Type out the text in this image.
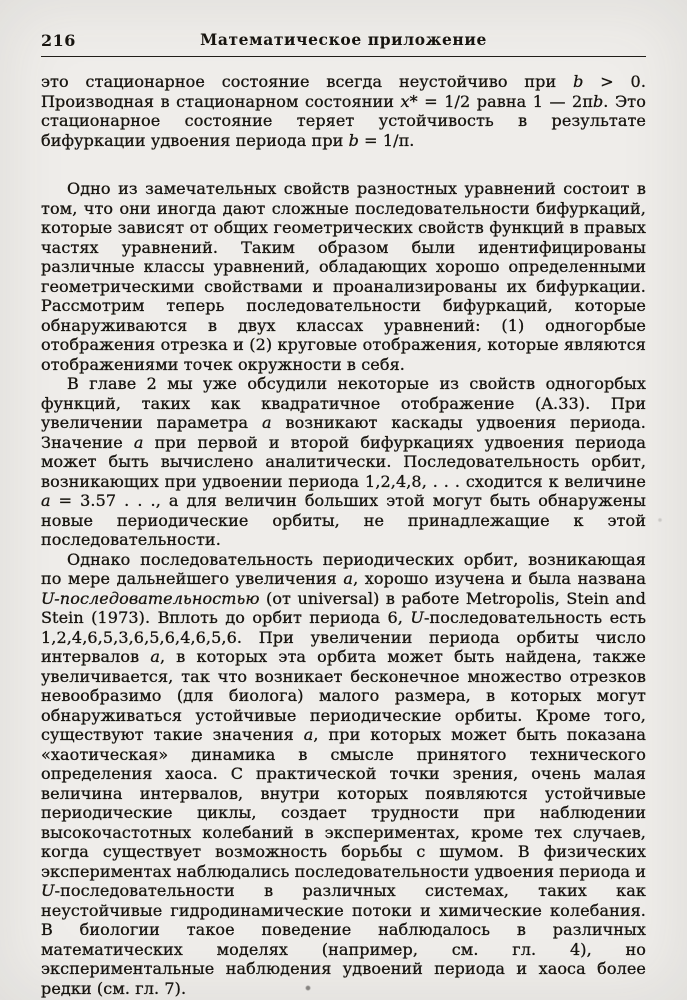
216	Математическое приложение

это стационарное состояние всегда неустойчиво при b > 0. Производная в стационарном состоянии x* = 1/2 равна 1 — 2πb. Это стационарное состояние теряет устойчивость в результате бифуркации удвоения периода при b = 1/π.

Одно из замечательных свойств разностных уравнений состоит в том, что они иногда дают сложные последовательности бифуркаций, которые зависят от общих геометрических свойств функций в правых частях уравнений. Таким образом были идентифицированы различные классы уравнений, обладающих хорошо определенными геометрическими свойствами и проанализированы их бифуркации. Рассмотрим теперь последовательности бифуркаций, которые обнаруживаются в двух классах уравнений: (1) одногорбые отображения отрезка и (2) круговые отображения, которые являются отображениями точек окружности в себя.

В главе 2 мы уже обсудили некоторые из свойств одногорбых функций, таких как квадратичное отображение (A.33). При увеличении параметра a возникают каскады удвоения периода. Значение a при первой и второй бифуркациях удвоения периода может быть вычислено аналитически. Последовательность орбит, возникающих при удвоении периода 1,2,4,8, . . . сходится к величине a = 3.57 . . ., а для величин больших этой могут быть обнаружены новые периодические орбиты, не принадлежащие к этой последовательности.

Однако последовательность периодических орбит, возникающая по мере дальнейшего увеличения a, хорошо изучена и была названа U-последовательностью (от universal) в работе Metropolis, Stein and Stein (1973). Вплоть до орбит периода 6, U-последовательность есть 1,2,4,6,5,3,6,5,6,4,6,5,6. При увеличении периода орбиты число интервалов a, в которых эта орбита может быть найдена, также увеличивается, так что возникает бесконечное множество отрезков невообразимо (для биолога) малого размера, в которых могут обнаруживаться устойчивые периодические орбиты. Кроме того, существуют такие значения a, при которых может быть показана «хаотическая» динамика в смысле принятого технического определения хаоса. С практической точки зрения, очень малая величина интервалов, внутри которых появляются устойчивые периодические циклы, создает трудности при наблюдении высокочастотных колебаний в экспериментах, кроме тех случаев, когда существует возможность борьбы с шумом. В физических экспериментах наблюдались последовательности удвоения периода и U-последовательности в различных системах, таких как неустойчивые гидродинамические потоки и химические колебания. В биологии такое поведение наблюдалось в различных математических моделях (например, см. гл. 4), но экспериментальные наблюдения удвоений периода и хаоса более редки (см. гл. 7).
